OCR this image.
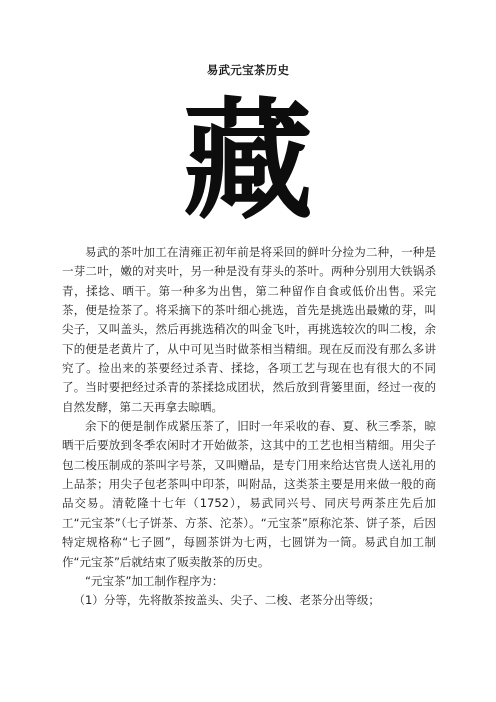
易武元宝茶历史
藏

易武的茶叶加工在清雍正初年前是将采回的鲜叶分捡为二种，一种是一芽二叶，嫩的对夹叶，另一种是没有芽头的茶叶。两种分别用大铁锅杀青，揉捻、晒干。第一种多为出售，第二种留作自食或低价出售。采完茶，便是捡茶了。将采摘下的茶叶细心挑选，首先是挑选出最嫩的芽，叫尖子，又叫盖头，然后再挑选稍次的叫金飞叶，再挑选较次的叫二梭，余下的便是老黄片了，从中可见当时做茶相当精细。现在反而没有那么多讲究了。捡出来的茶要经过杀青、揉捻，各项工艺与现在也有很大的不同了。当时要把经过杀青的茶揉捻成团状，然后放到背篓里面，经过一夜的自然发酵，第二天再拿去晾晒。

余下的便是制作成紧压茶了，旧时一年采收的春、夏、秋三季茶，晾晒干后要放到冬季农闲时才开始做茶，这其中的工艺也相当精细。用尖子包二梭压制成的茶叫字号茶，又叫赠品，是专门用来给达官贵人送礼用的上品茶；用尖子包老茶叫中印茶，叫附品，这类茶主要是用来做一般的商品交易。清乾隆十七年（1752），易武同兴号、同庆号两茶庄先后加工“元宝茶”（七子饼茶、方茶、沱茶）。“元宝茶”原称沱茶、饼子茶，后因特定规格称“七子圆”，每圆茶饼为七两，七圆饼为一筒。易武自加工制作“元宝茶”后就结束了贩卖散茶的历史。

“元宝茶”加工制作程序为：

（1）分等，先将散茶按盖头、尖子、二梭、老茶分出等级；
